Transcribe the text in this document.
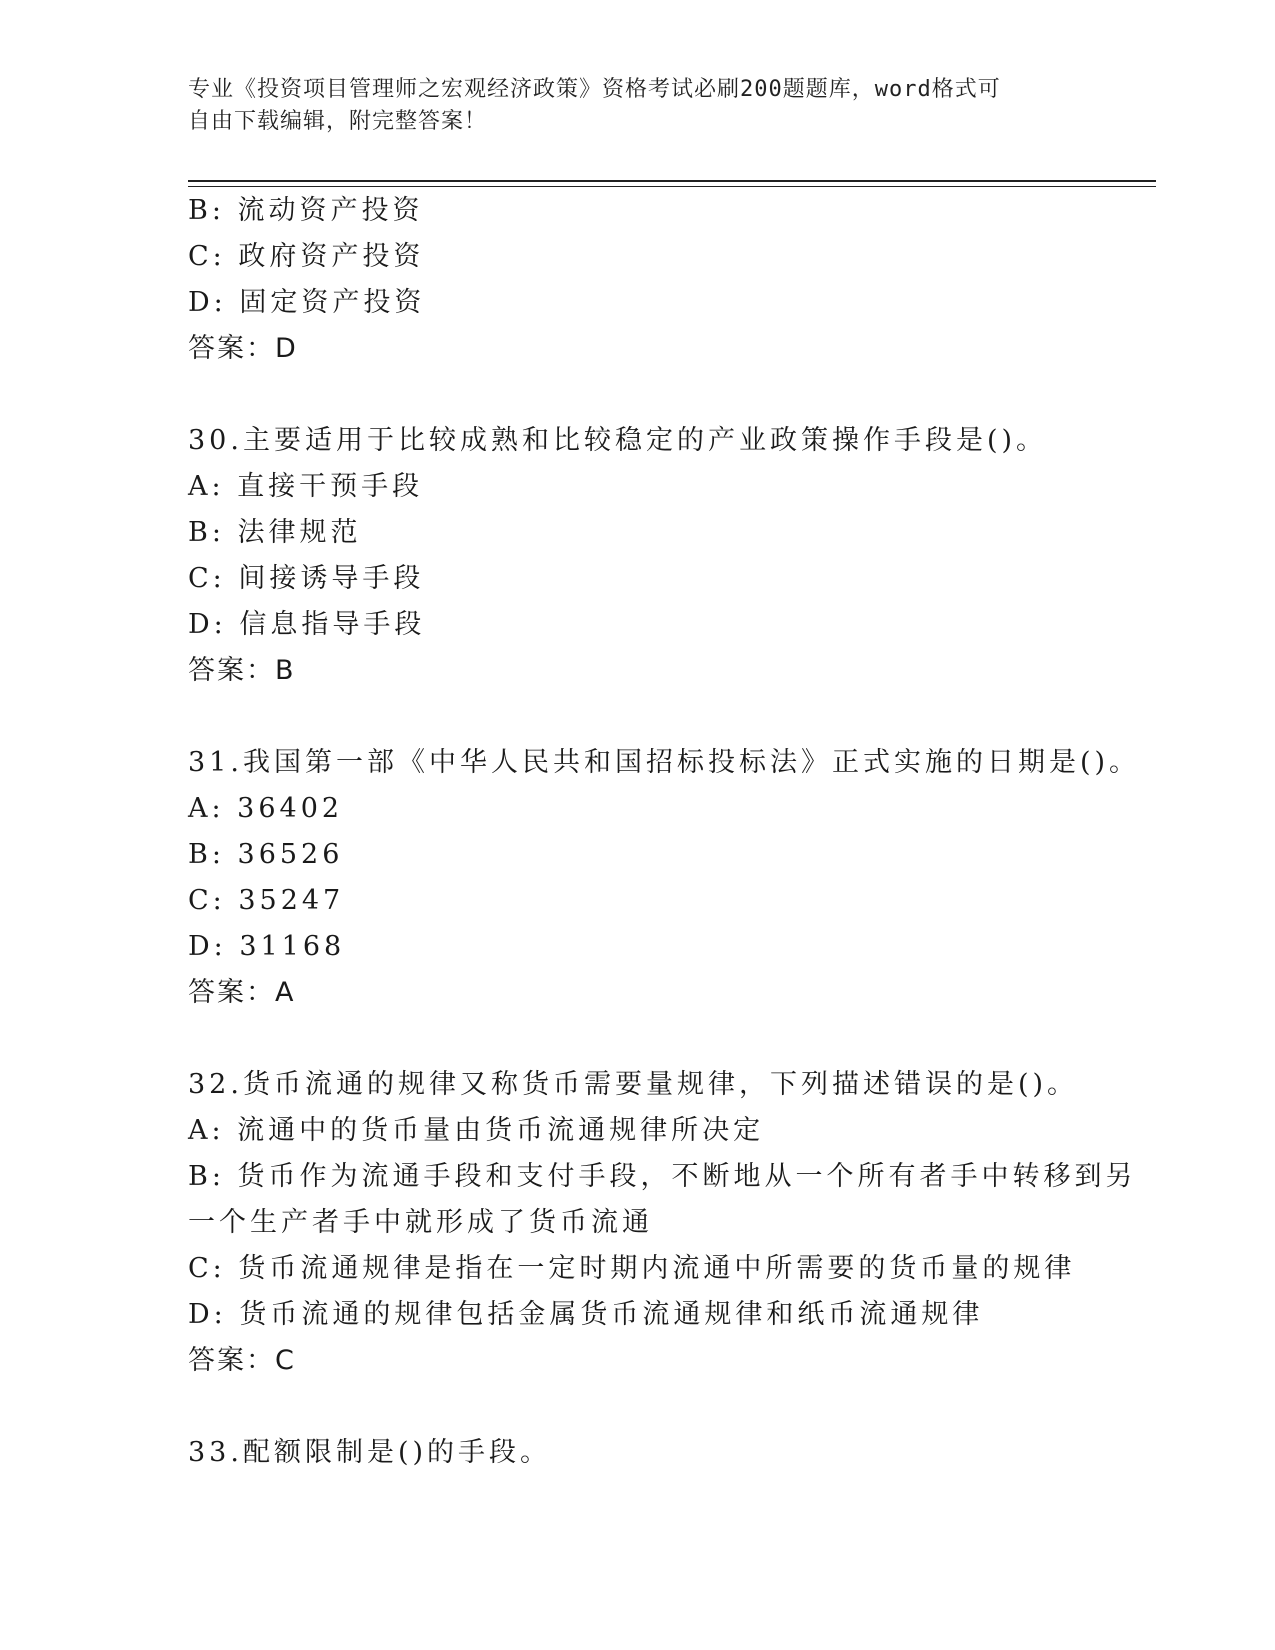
专业《投资项目管理师之宏观经济政策》资格考试必刷200题题库，word格式可
自由下载编辑，附完整答案！
B: 流动资产投资
C: 政府资产投资
D: 固定资产投资
答案：D
30.主要适用于比较成熟和比较稳定的产业政策操作手段是()。
A: 直接干预手段
B: 法律规范
C: 间接诱导手段
D: 信息指导手段
答案：B
31.我国第一部《中华人民共和国招标投标法》正式实施的日期是()。
A: 36402
B: 36526
C: 35247
D: 31168
答案：A
32.货币流通的规律又称货币需要量规律，下列描述错误的是()。
A: 流通中的货币量由货币流通规律所决定
B: 货币作为流通手段和支付手段，不断地从一个所有者手中转移到另
一个生产者手中就形成了货币流通
C: 货币流通规律是指在一定时期内流通中所需要的货币量的规律
D: 货币流通的规律包括金属货币流通规律和纸币流通规律
答案：C
33.配额限制是()的手段。
